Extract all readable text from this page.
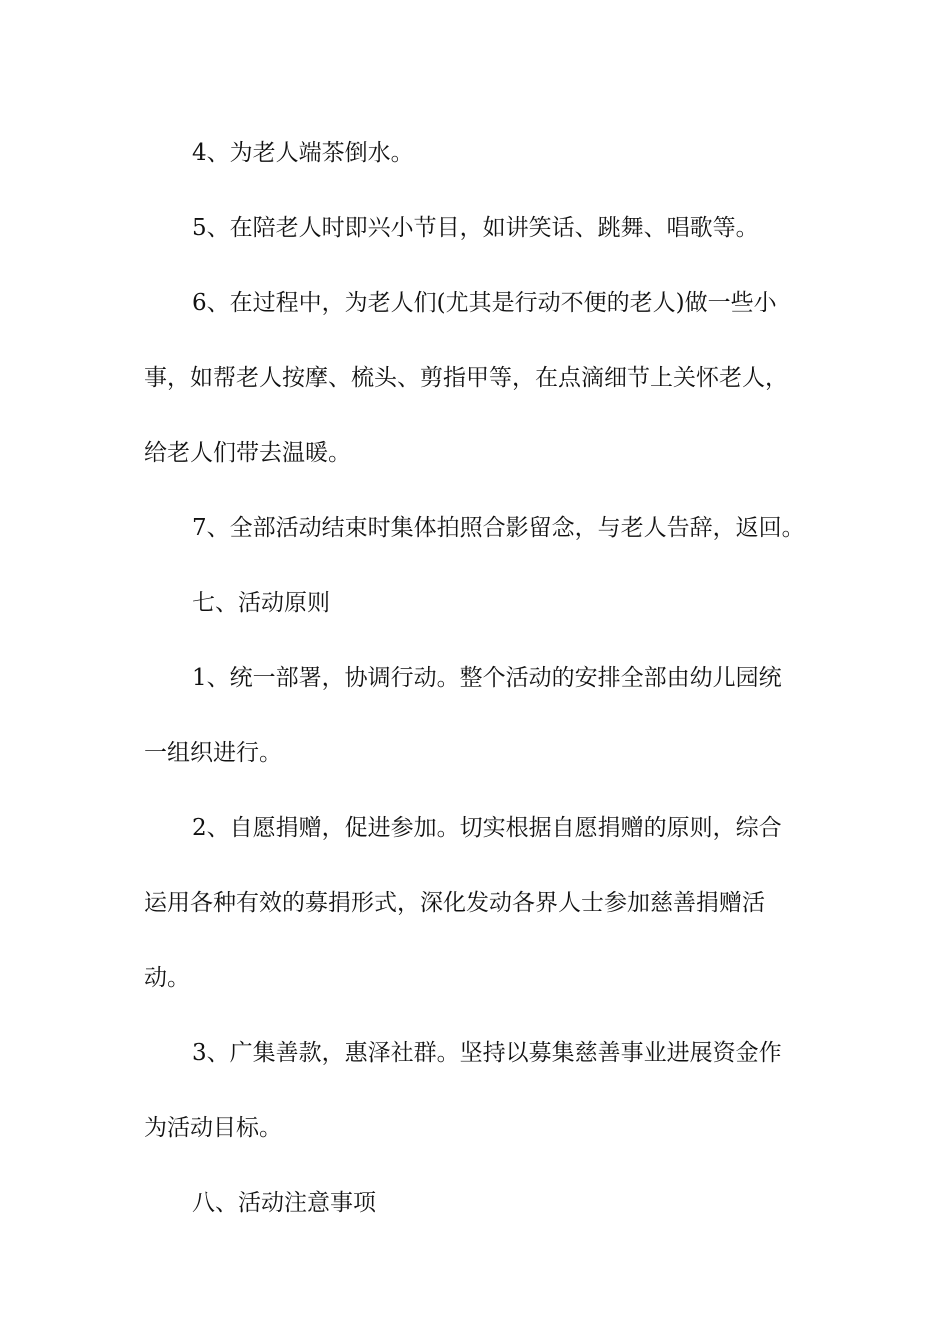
4、为老人端茶倒水。
5、在陪老人时即兴小节目，如讲笑话、跳舞、唱歌等。
6、在过程中，为老人们(尤其是行动不便的老人)做一些小
事，如帮老人按摩、梳头、剪指甲等，在点滴细节上关怀老人，
给老人们带去温暖。
7、全部活动结束时集体拍照合影留念，与老人告辞，返回。
七、活动原则
1、统一部署，协调行动。整个活动的安排全部由幼儿园统
一组织进行。
2、自愿捐赠，促进参加。切实根据自愿捐赠的原则，综合
运用各种有效的募捐形式，深化发动各界人士参加慈善捐赠活
动。
3、广集善款，惠泽社群。坚持以募集慈善事业进展资金作
为活动目标。
八、活动注意事项
